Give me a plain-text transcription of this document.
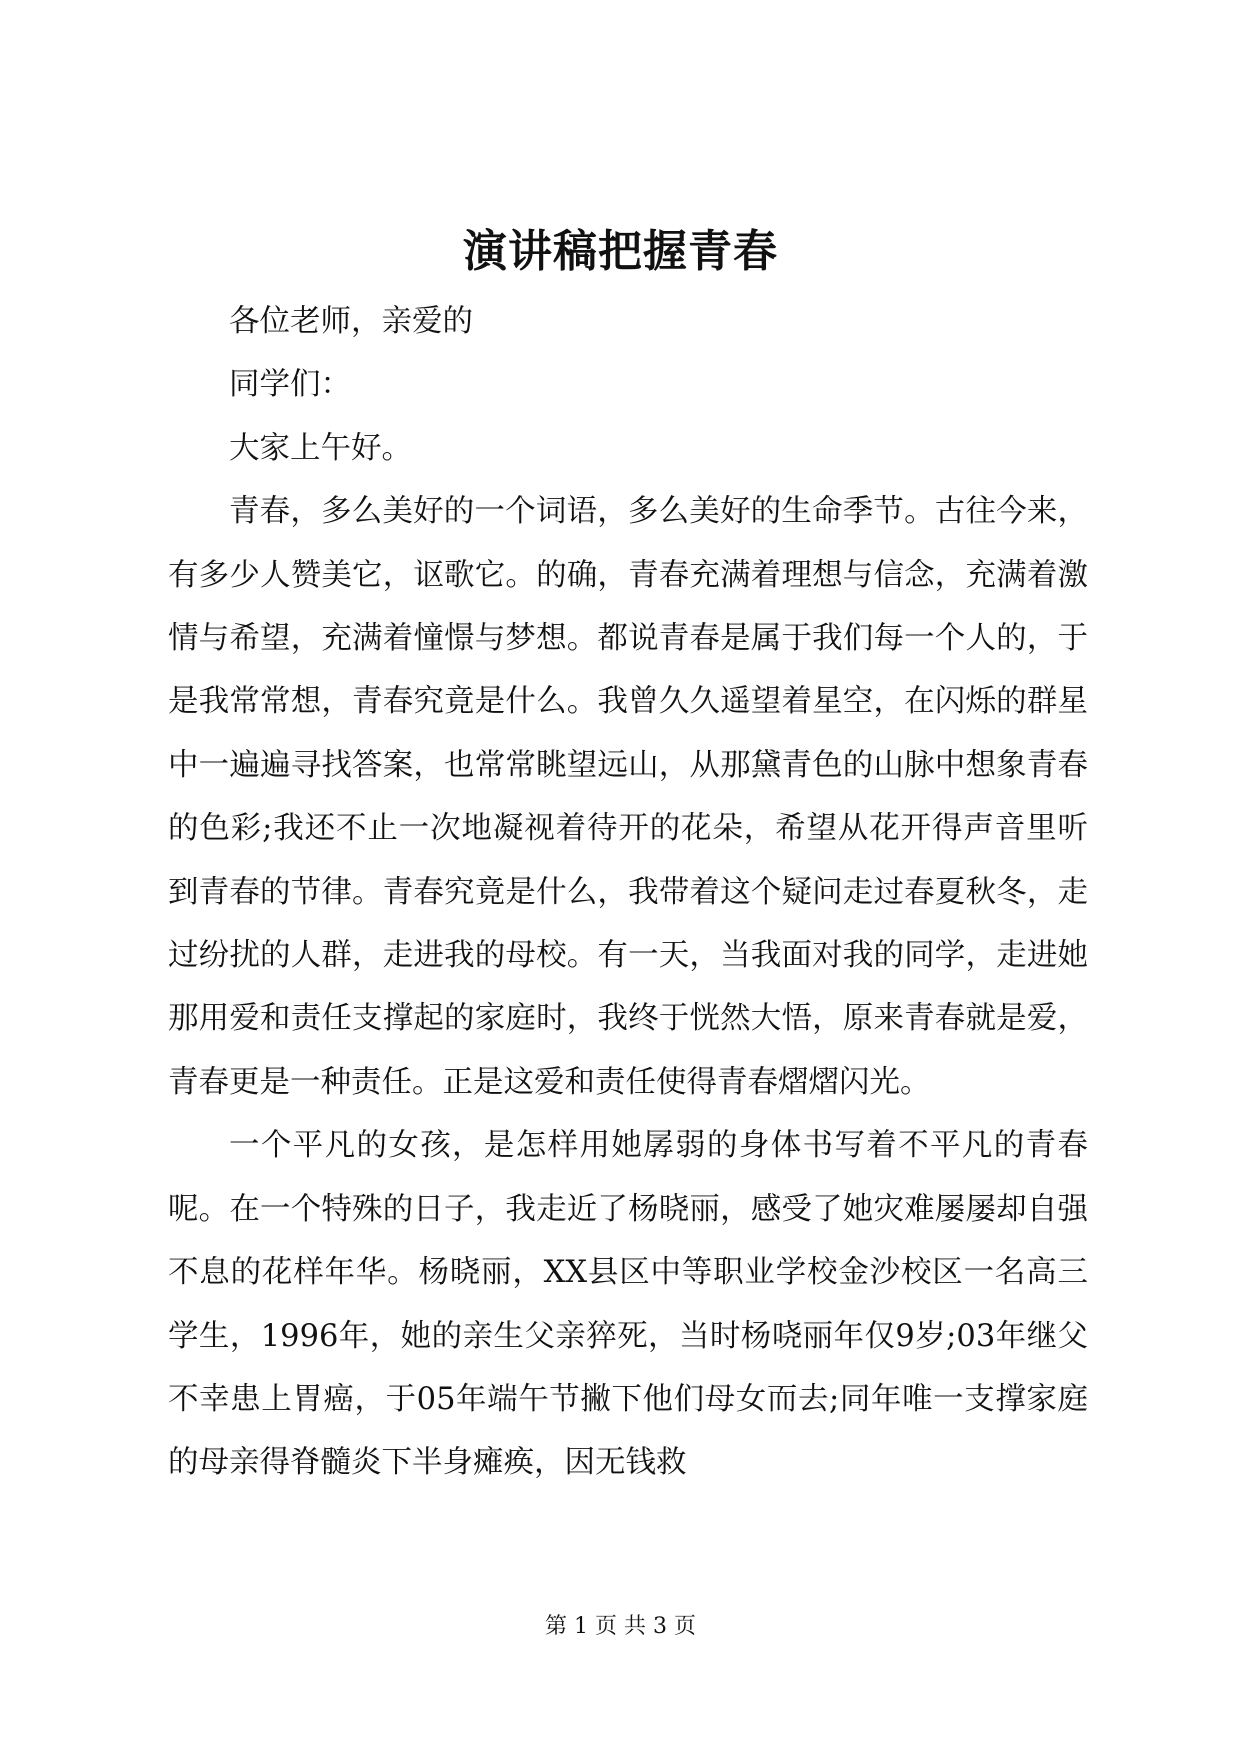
演讲稿把握青春

各位老师，亲爱的

同学们：

大家上午好。

青春，多么美好的一个词语，多么美好的生命季节。古往今来，有多少人赞美它，讴歌它。的确，青春充满着理想与信念，充满着激情与希望，充满着憧憬与梦想。都说青春是属于我们每一个人的，于是我常常想，青春究竟是什么。我曾久久遥望着星空，在闪烁的群星中一遍遍寻找答案，也常常眺望远山，从那黛青色的山脉中想象青春的色彩;我还不止一次地凝视着待开的花朵，希望从花开得声音里听到青春的节律。青春究竟是什么，我带着这个疑问走过春夏秋冬，走过纷扰的人群，走进我的母校。有一天，当我面对我的同学，走进她那用爱和责任支撑起的家庭时，我终于恍然大悟，原来青春就是爱，青春更是一种责任。正是这爱和责任使得青春熠熠闪光。

一个平凡的女孩，是怎样用她孱弱的身体书写着不平凡的青春呢。在一个特殊的日子，我走近了杨晓丽，感受了她灾难屡屡却自强不息的花样年华。杨晓丽，XX县区中等职业学校金沙校区一名高三学生，1996年，她的亲生父亲猝死，当时杨哓丽年仅9岁;03年继父不幸患上胃癌，于05年端午节撇下他们母女而去;同年唯一支撑家庭的母亲得脊髓炎下半身瘫痪，因无钱救

第 1 页 共 3 页
